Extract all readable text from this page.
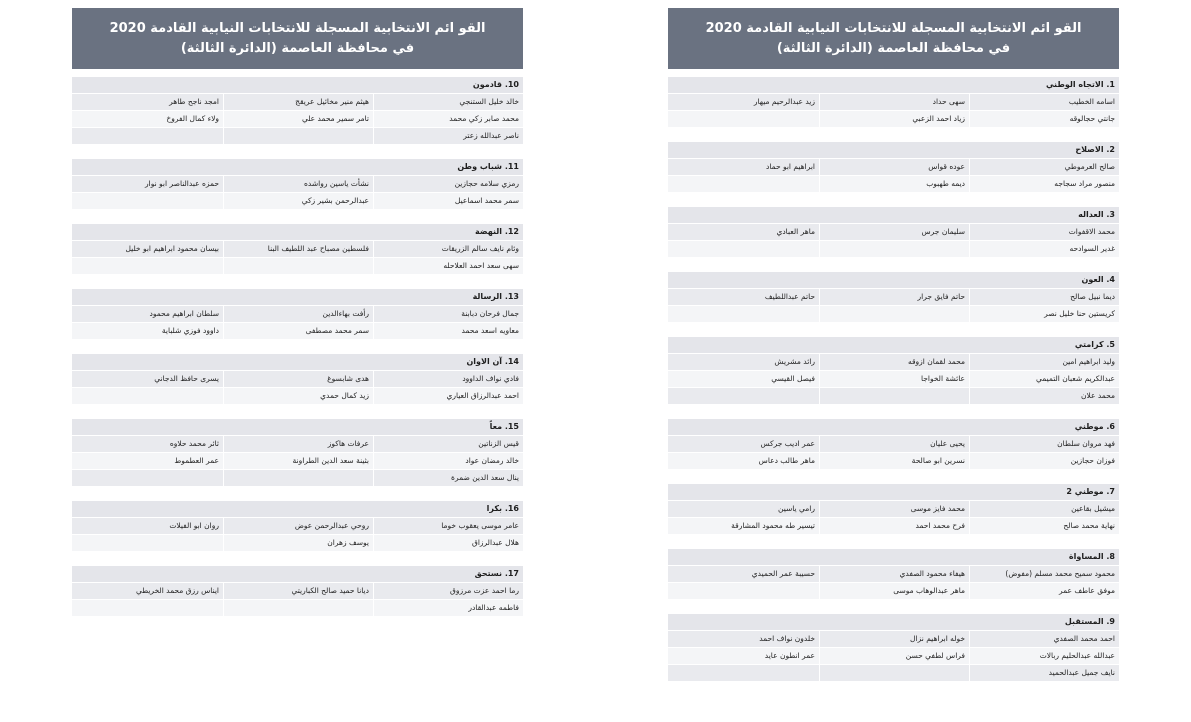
القو ائم الانتخابية المسجلة للانتخابات النيابية القادمة 2020
في محافظة العاصمة (الدائرة الثالثة)
10. قادمون
خالد خليل الستنجي
هيثم منير مخائيل عريقج
امجد ناجح طاهر
محمد صابر زكي محمد
تامر سمير محمد علي
ولاء كمال الفروخ
ناصر عبدالله زعتر
11. شباب وطن
رمزي سلامه حجازين
نشأت ياسين رواشده
حمزه عبدالناصر ابو نوار
سمر محمد اسماعيل
عبدالرحمن بشير زكي
12. النهضة
وئام نايف سالم الزريقات
فلسطين مصباح عبد اللطيف البنا
بيسان محمود ابراهيم ابو خليل
سهى سعد احمد العلاحله
13. الرسالة
جمال فرحان دبابنة
رأفت بهاءالدين
سلطان ابراهيم محمود
معاويه اسعد محمد
سمر محمد مصطفى
داوود فوزي شلباية
14. آن الاوان
فادي نواف الداوود
هدى شابسوغ
يسرى حافظ الدجاني
احمد عبدالرزاق العياري
زيد كمال حمدي
15. معاً
قيس الزناتين
عرفات هاكوز
ثائر محمد حلاوه
خالد رمضان عواد
بثينة سعد الدين الطراونة
عمر العطموط
ينال سعد الدين ضمرة
16. بكرا
عامر موسى يعقوب خوما
روحي عبدالرحمن عوض
روان ابو الفيلات
هلال عبدالرزاق
يوسف زهران
17. نستحق
رما احمد عزت مرزوق
ديانا حميد صالح الكباريتي
ايناس رزق محمد الخريطي
فاطمه عبدالقادر
القو ائم الانتخابية المسجلة للانتخابات النيابية القادمة 2020
في محافظة العاصمة (الدائرة الثالثة)
1. الاتجاه الوطني
اسامه الخطيب
سهى حداد
زيد عبدالرحيم ميهار
جانتي حجالوقه
زياد احمد الزعبي
2. الاصلاح
صالح العرموطي
عوده قواس
ابراهيم ابو حماد
منصور مراد سجاجه
ديمه طهبوب
3. العداله
محمد الاقفوات
سليمان جرس
ماهر العبادي
غدير السوادحه
4. العون
ديما نبيل صالح
حاتم فايق جرار
حاتم عبداللطيف
كريستين حنا خليل نصر
5. كرامتي
وليد ابراهيم امين
محمد لقمان ازوقه
رائد مشريش
عبدالكريم شعبان التميمي
عائشة الخواجا
فيصل القيسي
محمد علان
6. موطني
فهد مروان سلطان
يحيى عليان
عمر اديب جركس
فوزان حجازين
نسرين ابو صالحة
ماهر طالب دعاس
7. موطني 2
ميشيل بقاعين
محمد فايز موسى
رامي ياسين
نهاية محمد صالح
فرح محمد احمد
تيسير طه محمود المشارقة
8. المساواة
محمود سميح محمد مسلم (مفوض)
هيفاء محمود الصفدي
حسيبة عمر الحميدي
موفق عاطف عمر
ماهر عبدالوهاب موسى
9. المستقبل
احمد محمد الصفدي
خوله ابراهيم نزال
خلدون نواف احمد
عبدالله عبدالحليم ربالات
فراس لطفي حسن
عمر انطون عايد
نايف جميل عبدالحميد
